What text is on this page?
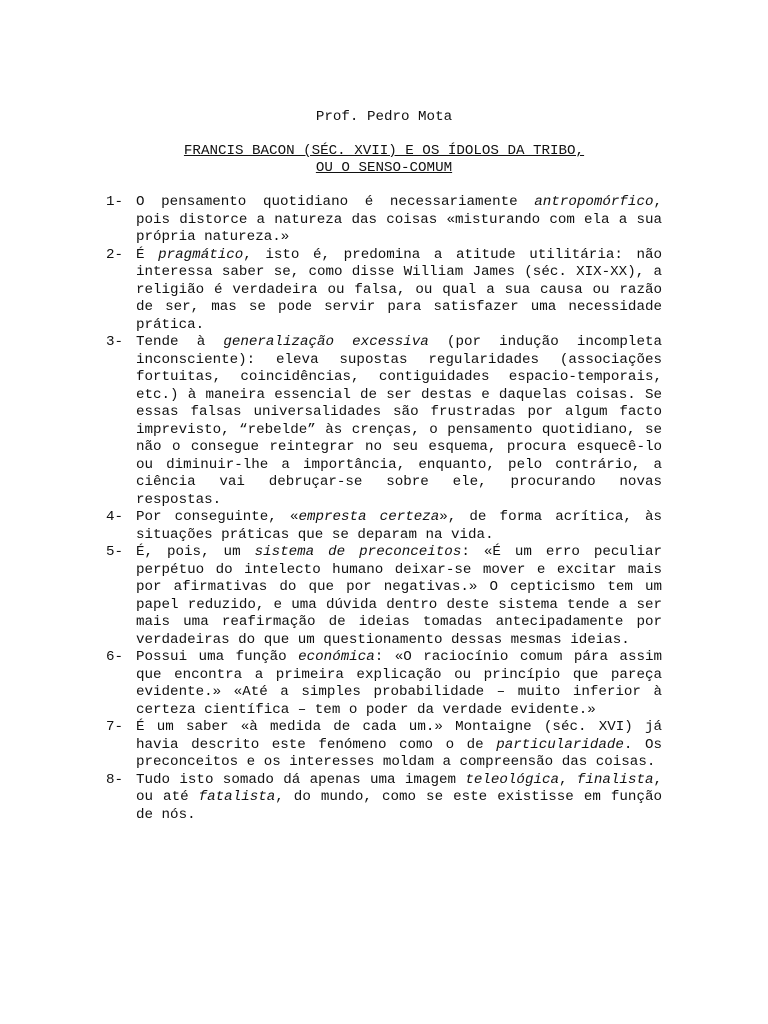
Prof. Pedro Mota
FRANCIS BACON (SÉC. XVII) E OS ÍDOLOS DA TRIBO,
OU O SENSO-COMUM
1- O pensamento quotidiano é necessariamente antropomórfico, pois distorce a natureza das coisas «misturando com ela a sua própria natureza.»
2- É pragmático, isto é, predomina a atitude utilitária: não interessa saber se, como disse William James (séc. XIX-XX), a religião é verdadeira ou falsa, ou qual a sua causa ou razão de ser, mas se pode servir para satisfazer uma necessidade prática.
3- Tende à generalização excessiva (por indução incompleta inconsciente): eleva supostas regularidades (associações fortuitas, coincidências, contiguidades espacio-temporais, etc.) à maneira essencial de ser destas e daquelas coisas. Se essas falsas universalidades são frustradas por algum facto imprevisto, “rebelde” às crenças, o pensamento quotidiano, se não o consegue reintegrar no seu esquema, procura esquecê-lo ou diminuir-lhe a importância, enquanto, pelo contrário, a ciência vai debruçar-se sobre ele, procurando novas respostas.
4- Por conseguinte, «empresta certeza», de forma acrítica, às situações práticas que se deparam na vida.
5- É, pois, um sistema de preconceitos: «É um erro peculiar perpétuo do intelecto humano deixar-se mover e excitar mais por afirmativas do que por negativas.» O cepticismo tem um papel reduzido, e uma dúvida dentro deste sistema tende a ser mais uma reafirmação de ideias tomadas antecipadamente por verdadeiras do que um questionamento dessas mesmas ideias.
6- Possui uma função económica: «O raciocínio comum pára assim que encontra a primeira explicação ou princípio que pareça evidente.» «Até a simples probabilidade – muito inferior à certeza científica – tem o poder da verdade evidente.»
7- É um saber «à medida de cada um.» Montaigne (séc. XVI) já havia descrito este fenómeno como o de particularidade. Os preconceitos e os interesses moldam a compreensão das coisas.
8- Tudo isto somado dá apenas uma imagem teleológica, finalista, ou até fatalista, do mundo, como se este existisse em função de nós.
